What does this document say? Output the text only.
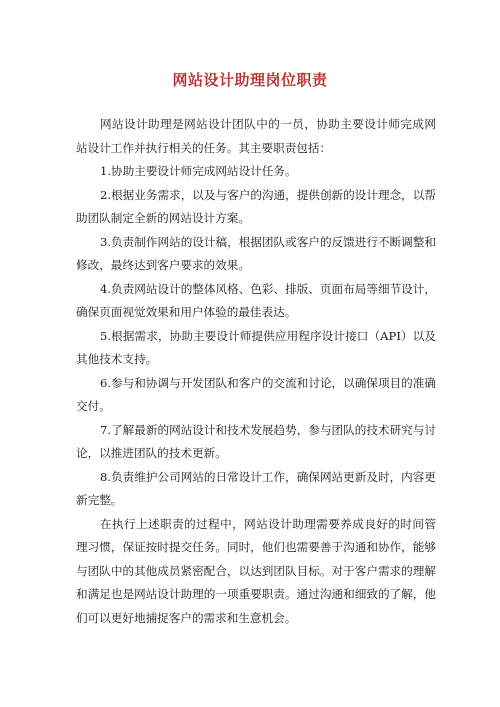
网站设计助理岗位职责

网站设计助理是网站设计团队中的一员，协助主要设计师完成网站设计工作并执行相关的任务。其主要职责包括：

1.协助主要设计师完成网站设计任务。

2.根据业务需求，以及与客户的沟通，提供创新的设计理念，以帮助团队制定全新的网站设计方案。

3.负责制作网站的设计稿，根据团队或客户的反馈进行不断调整和修改，最终达到客户要求的效果。

4.负责网站设计的整体风格、色彩、排版、页面布局等细节设计，确保页面视觉效果和用户体验的最佳表达。

5.根据需求，协助主要设计师提供应用程序设计接口（API）以及其他技术支持。

6.参与和协调与开发团队和客户的交流和讨论，以确保项目的准确交付。

7.了解最新的网站设计和技术发展趋势，参与团队的技术研究与讨论，以推进团队的技术更新。

8.负责维护公司网站的日常设计工作，确保网站更新及时，内容更新完整。

在执行上述职责的过程中，网站设计助理需要养成良好的时间管理习惯，保证按时提交任务。同时，他们也需要善于沟通和协作，能够与团队中的其他成员紧密配合，以达到团队目标。对于客户需求的理解和满足也是网站设计助理的一项重要职责。通过沟通和细致的了解，他们可以更好地捕捉客户的需求和生意机会。
